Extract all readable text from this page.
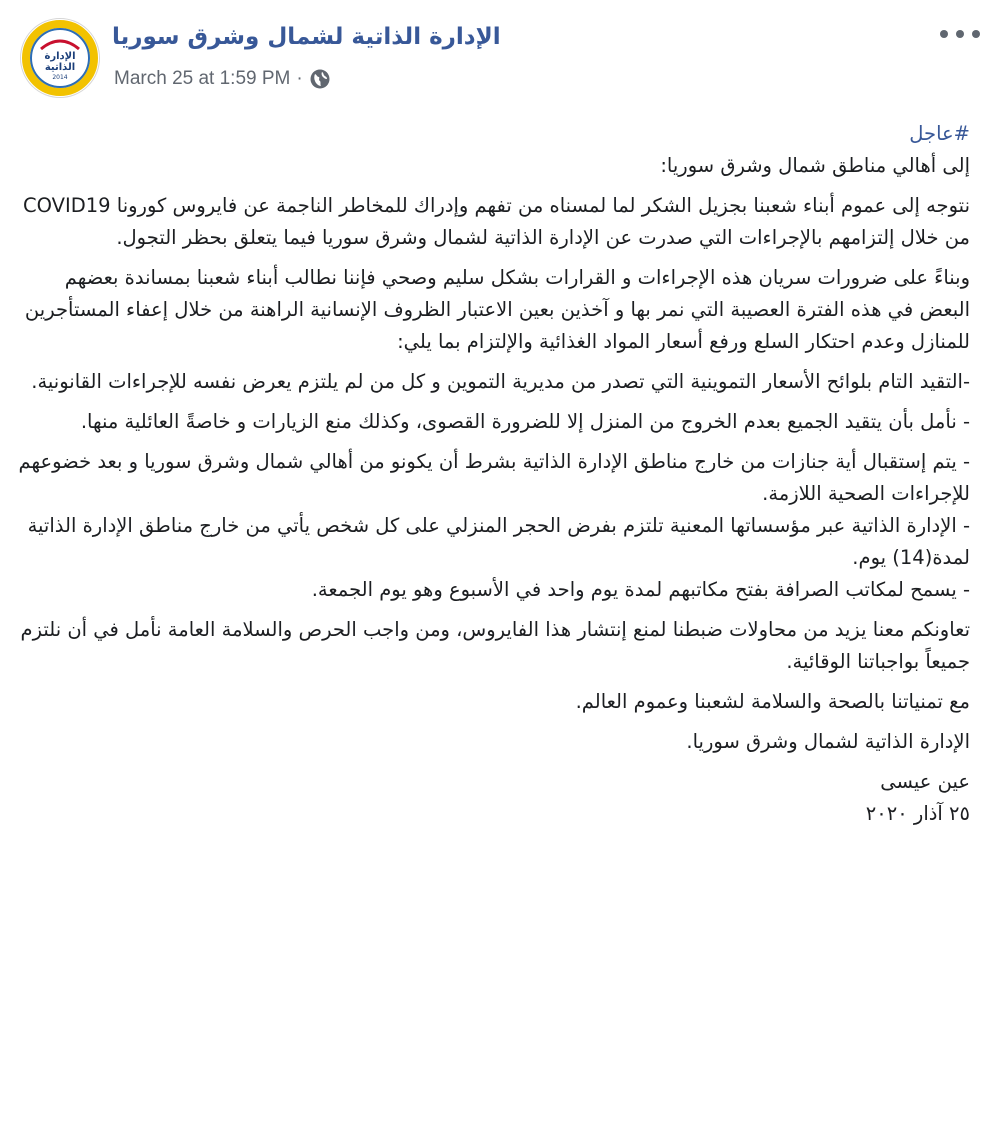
الإدارة
الذاتية
2014
الإدارة الذاتية لشمال وشرق سوريا
March 25 at 1:59 PM ·

#عاجل

إلى أهالي مناطق شمال وشرق سوريا:

نتوجه إلى عموم أبناء شعبنا بجزيل الشكر لما لمسناه من تفهم وإدراك للمخاطر الناجمة عن فايروس كورونا COVID19 من خلال إلتزامهم بالإجراءات التي صدرت عن الإدارة الذاتية لشمال وشرق سوريا فيما يتعلق بحظر التجول.

وبناءً على ضرورات سريان هذه الإجراءات و القرارات بشكل سليم وصحي فإننا نطالب أبناء شعبنا بمساندة بعضهم البعض في هذه الفترة العصيبة التي نمر بها و آخذين بعين الاعتبار الظروف الإنسانية الراهنة من خلال إعفاء المستأجرين للمنازل وعدم احتكار السلع ورفع أسعار المواد الغذائية والإلتزام بما يلي:

-التقيد التام بلوائح الأسعار التموينية التي تصدر من مديرية التموين و كل من لم يلتزم يعرض نفسه للإجراءات القانونية.

- نأمل بأن يتقيد الجميع بعدم الخروج من المنزل إلا للضرورة القصوى، وكذلك منع الزيارات و خاصةً العائلية منها.

- يتم إستقبال أية جنازات من خارج مناطق الإدارة الذاتية بشرط أن يكونو من أهالي شمال وشرق سوريا و بعد خضوعهم للإجراءات الصحية اللازمة.

- الإدارة الذاتية عبر مؤسساتها المعنية تلتزم بفرض الحجر المنزلي على كل شخص يأتي من خارج مناطق الإدارة الذاتية لمدة(14) يوم.

- يسمح لمكاتب الصرافة بفتح مكاتبهم لمدة يوم واحد في الأسبوع وهو يوم الجمعة.

تعاونكم معنا يزيد من محاولات ضبطنا لمنع إنتشار هذا الفايروس، ومن واجب الحرص والسلامة العامة نأمل في أن نلتزم جميعاً بواجباتنا الوقائية.

مع تمنياتنا بالصحة والسلامة لشعبنا وعموم العالم.

الإدارة الذاتية لشمال وشرق سوريا.

عين عيسى

٢٥ آذار ٢٠٢٠
